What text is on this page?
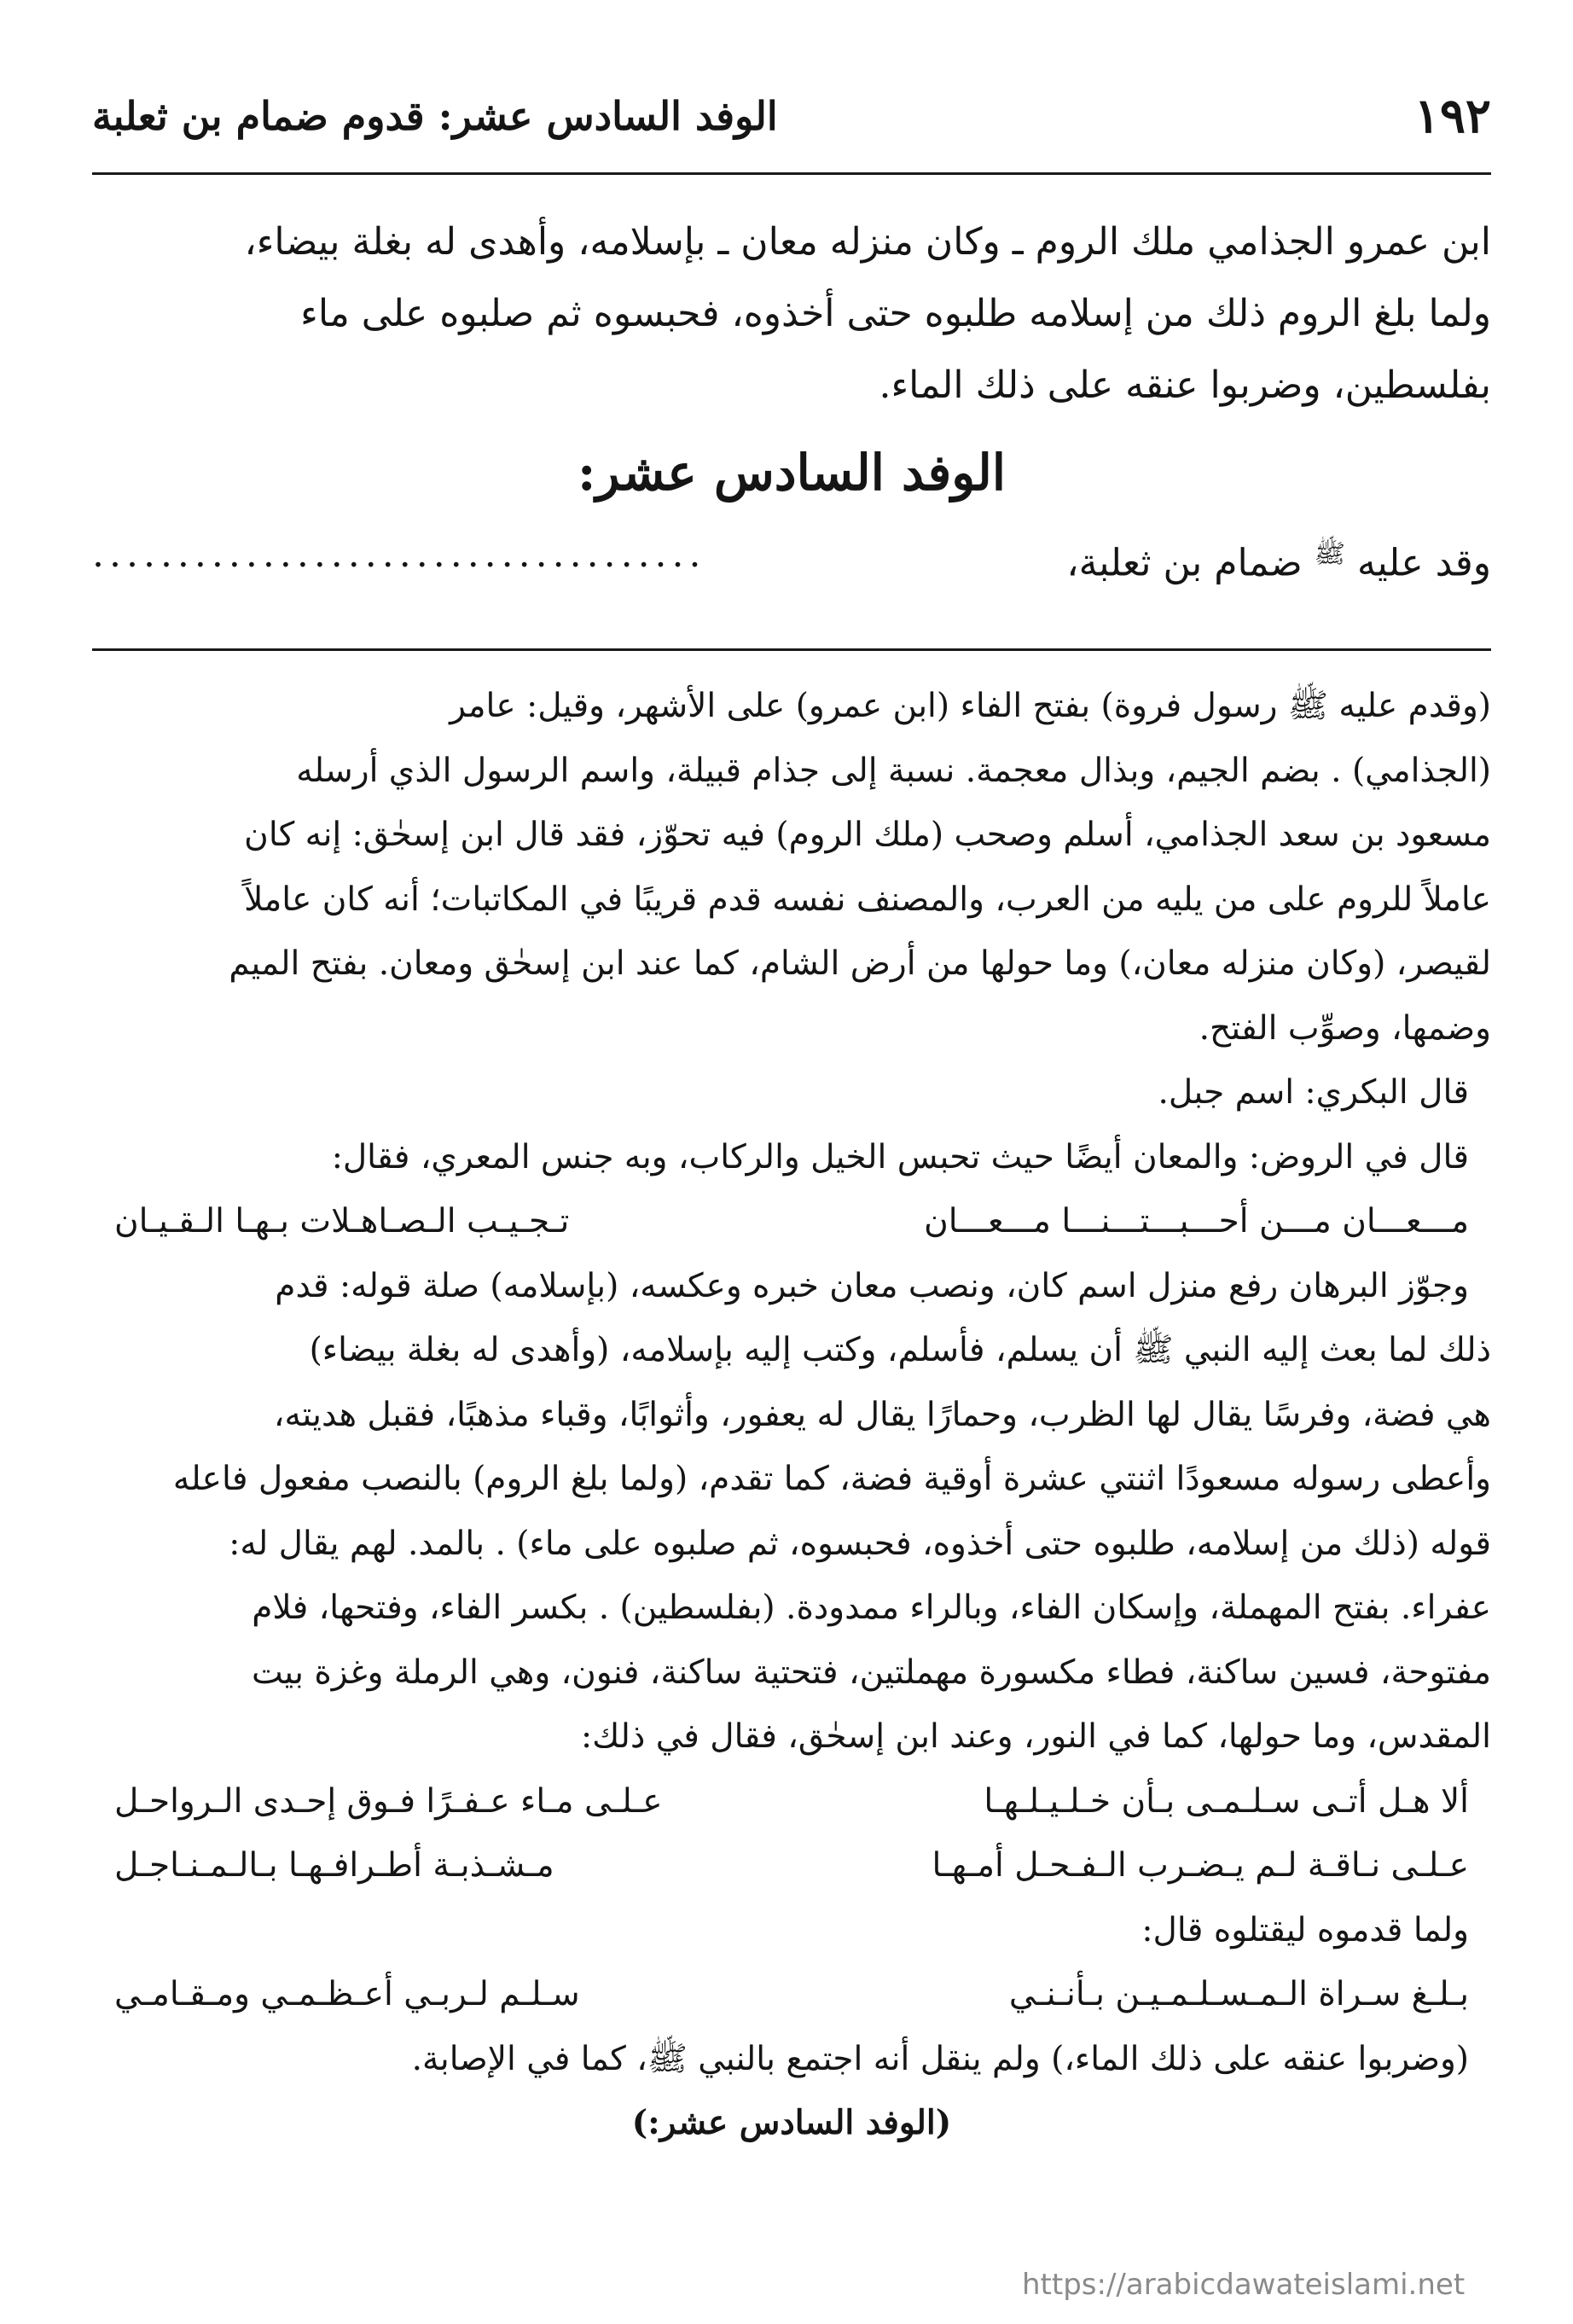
١٩٢
الوفد السادس عشر: قدوم ضمام بن ثعلبة

ابن عمرو الجذامي ملك الروم ـ وكان منزله معان ـ بإسلامه، وأهدى له بغلة بيضاء،

ولما بلغ الروم ذلك من إسلامه طلبوه حتى أخذوه، فحبسوه ثم صلبوه على ماء

بفلسطين، وضربوا عنقه على ذلك الماء.

الوفد السادس عشر:
وقد عليه $^ﷺ$ ضمام بن ثعلبة،
....................................

(وقدم عليه ﷺ رسول فروة) بفتح الفاء (ابن عمرو) على الأشهر، وقيل: عامر

(الجذامي) . بضم الجيم، وبذال معجمة. نسبة إلى جذام قبيلة، واسم الرسول الذي أرسله

مسعود بن سعد الجذامي، أسلم وصحب (ملك الروم) فيه تحوّز، فقد قال ابن إسحٰق: إنه كان

عاملاً للروم على من يليه من العرب، والمصنف نفسه قدم قريبًا في المكاتبات؛ أنه كان عاملاً

لقيصر، (وكان منزله معان،) وما حولها من أرض الشام، كما عند ابن إسحٰق ومعان. بفتح الميم

وضمها، وصوِّب الفتح.

قال البكري: اسم جبل.

قال في الروض: والمعان أيضًا حيث تحبس الخيل والركاب، وبه جنس المعري، فقال:

مـــعـــان مـــن أحـــبـــتـــنـــا مـــعـــان
تـجـيـب الـصـاهـلات بـهـا الـقـيـان

وجوّز البرهان رفع منزل اسم كان، ونصب معان خبره وعكسه، (بإسلامه) صلة قوله: قدم

ذلك لما بعث إليه النبي ﷺ أن يسلم، فأسلم، وكتب إليه بإسلامه، (وأهدى له بغلة بيضاء)

هي فضة، وفرسًا يقال لها الظرب، وحمارًا يقال له يعفور، وأثوابًا، وقباء مذهبًا، فقبل هديته،

وأعطى رسوله مسعودًا اثنتي عشرة أوقية فضة، كما تقدم، (ولما بلغ الروم) بالنصب مفعول فاعله

قوله (ذلك من إسلامه، طلبوه حتى أخذوه، فحبسوه، ثم صلبوه على ماء) . بالمد. لهم يقال له:

عفراء. بفتح المهملة، وإسكان الفاء، وبالراء ممدودة. (بفلسطين) . بكسر الفاء، وفتحها، فلام

مفتوحة، فسين ساكنة، فطاء مكسورة مهملتين، فتحتية ساكنة، فنون، وهي الرملة وغزة بيت

المقدس، وما حولها، كما في النور، وعند ابن إسحٰق، فقال في ذلك:

ألا هـل أتـى سـلـمـى بـأن خـلـيـلـهـا
عـلـى مـاء عـفـرًا فـوق إحـدى الـرواحـل
عـلـى نـاقـة لـم يـضـرب الـفـحـل أمـهـا
مـشـذبـة أطـرافـهـا بـالـمـنـاجـل

ولما قدموه ليقتلوه قال:

بـلـغ سـراة الـمـسـلـمـيـن بـأنـنـي
سـلـم لـربـي أعـظـمـي ومـقـامـي

(وضربوا عنقه على ذلك الماء،) ولم ينقل أنه اجتمع بالنبي ﷺ، كما في الإصابة.

(الوفد السادس عشر:)

https://arabicdawateislami.net
